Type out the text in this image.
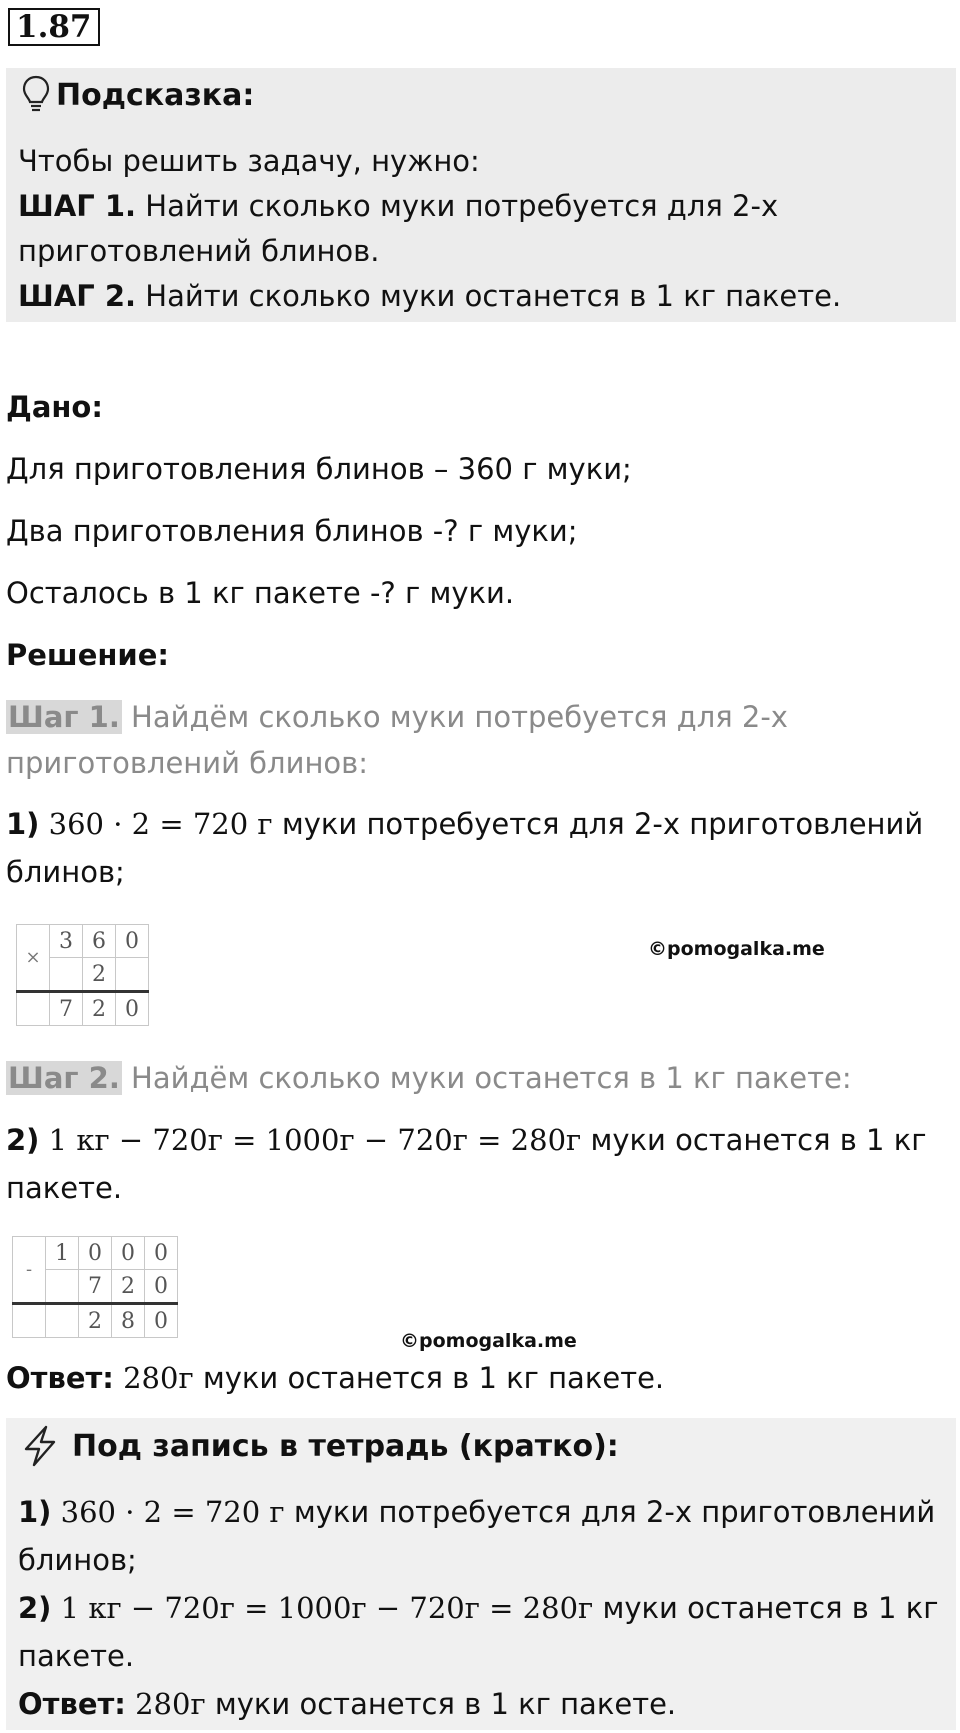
1.87
Подсказка:
Чтобы решить задачу, нужно:
ШАГ 1. Найти сколько муки потребуется для 2-х
приготовлений блинов.
ШАГ 2. Найти сколько муки останется в 1 кг пакете.
Дано:
Для приготовления блинов – 360 г муки;
Два приготовления блинов -? г муки;
Осталось в 1 кг пакете -? г муки.
Решение:
Шаг 1. Найдём сколько муки потребуется для 2-х
приготовлений блинов:
1) 360 · 2 = 720 г муки потребуется для 2-х приготовлений
блинов;
×	3	6	0
		2	
	7	2	0
©pomogalka.me
Шаг 2. Найдём сколько муки останется в 1 кг пакете:
2) 1 кг − 720г = 1000г − 720г = 280г муки останется в 1 кг
пакете.
-	1	0	0	0
		7	2	0
		2	8	0
©pomogalka.me
Ответ: 280г муки останется в 1 кг пакете.
Под запись в тетрадь (кратко):
1) 360 · 2 = 720 г муки потребуется для 2-х приготовлений
блинов;
2) 1 кг − 720г = 1000г − 720г = 280г муки останется в 1 кг
пакете.
Ответ: 280г муки останется в 1 кг пакете.
